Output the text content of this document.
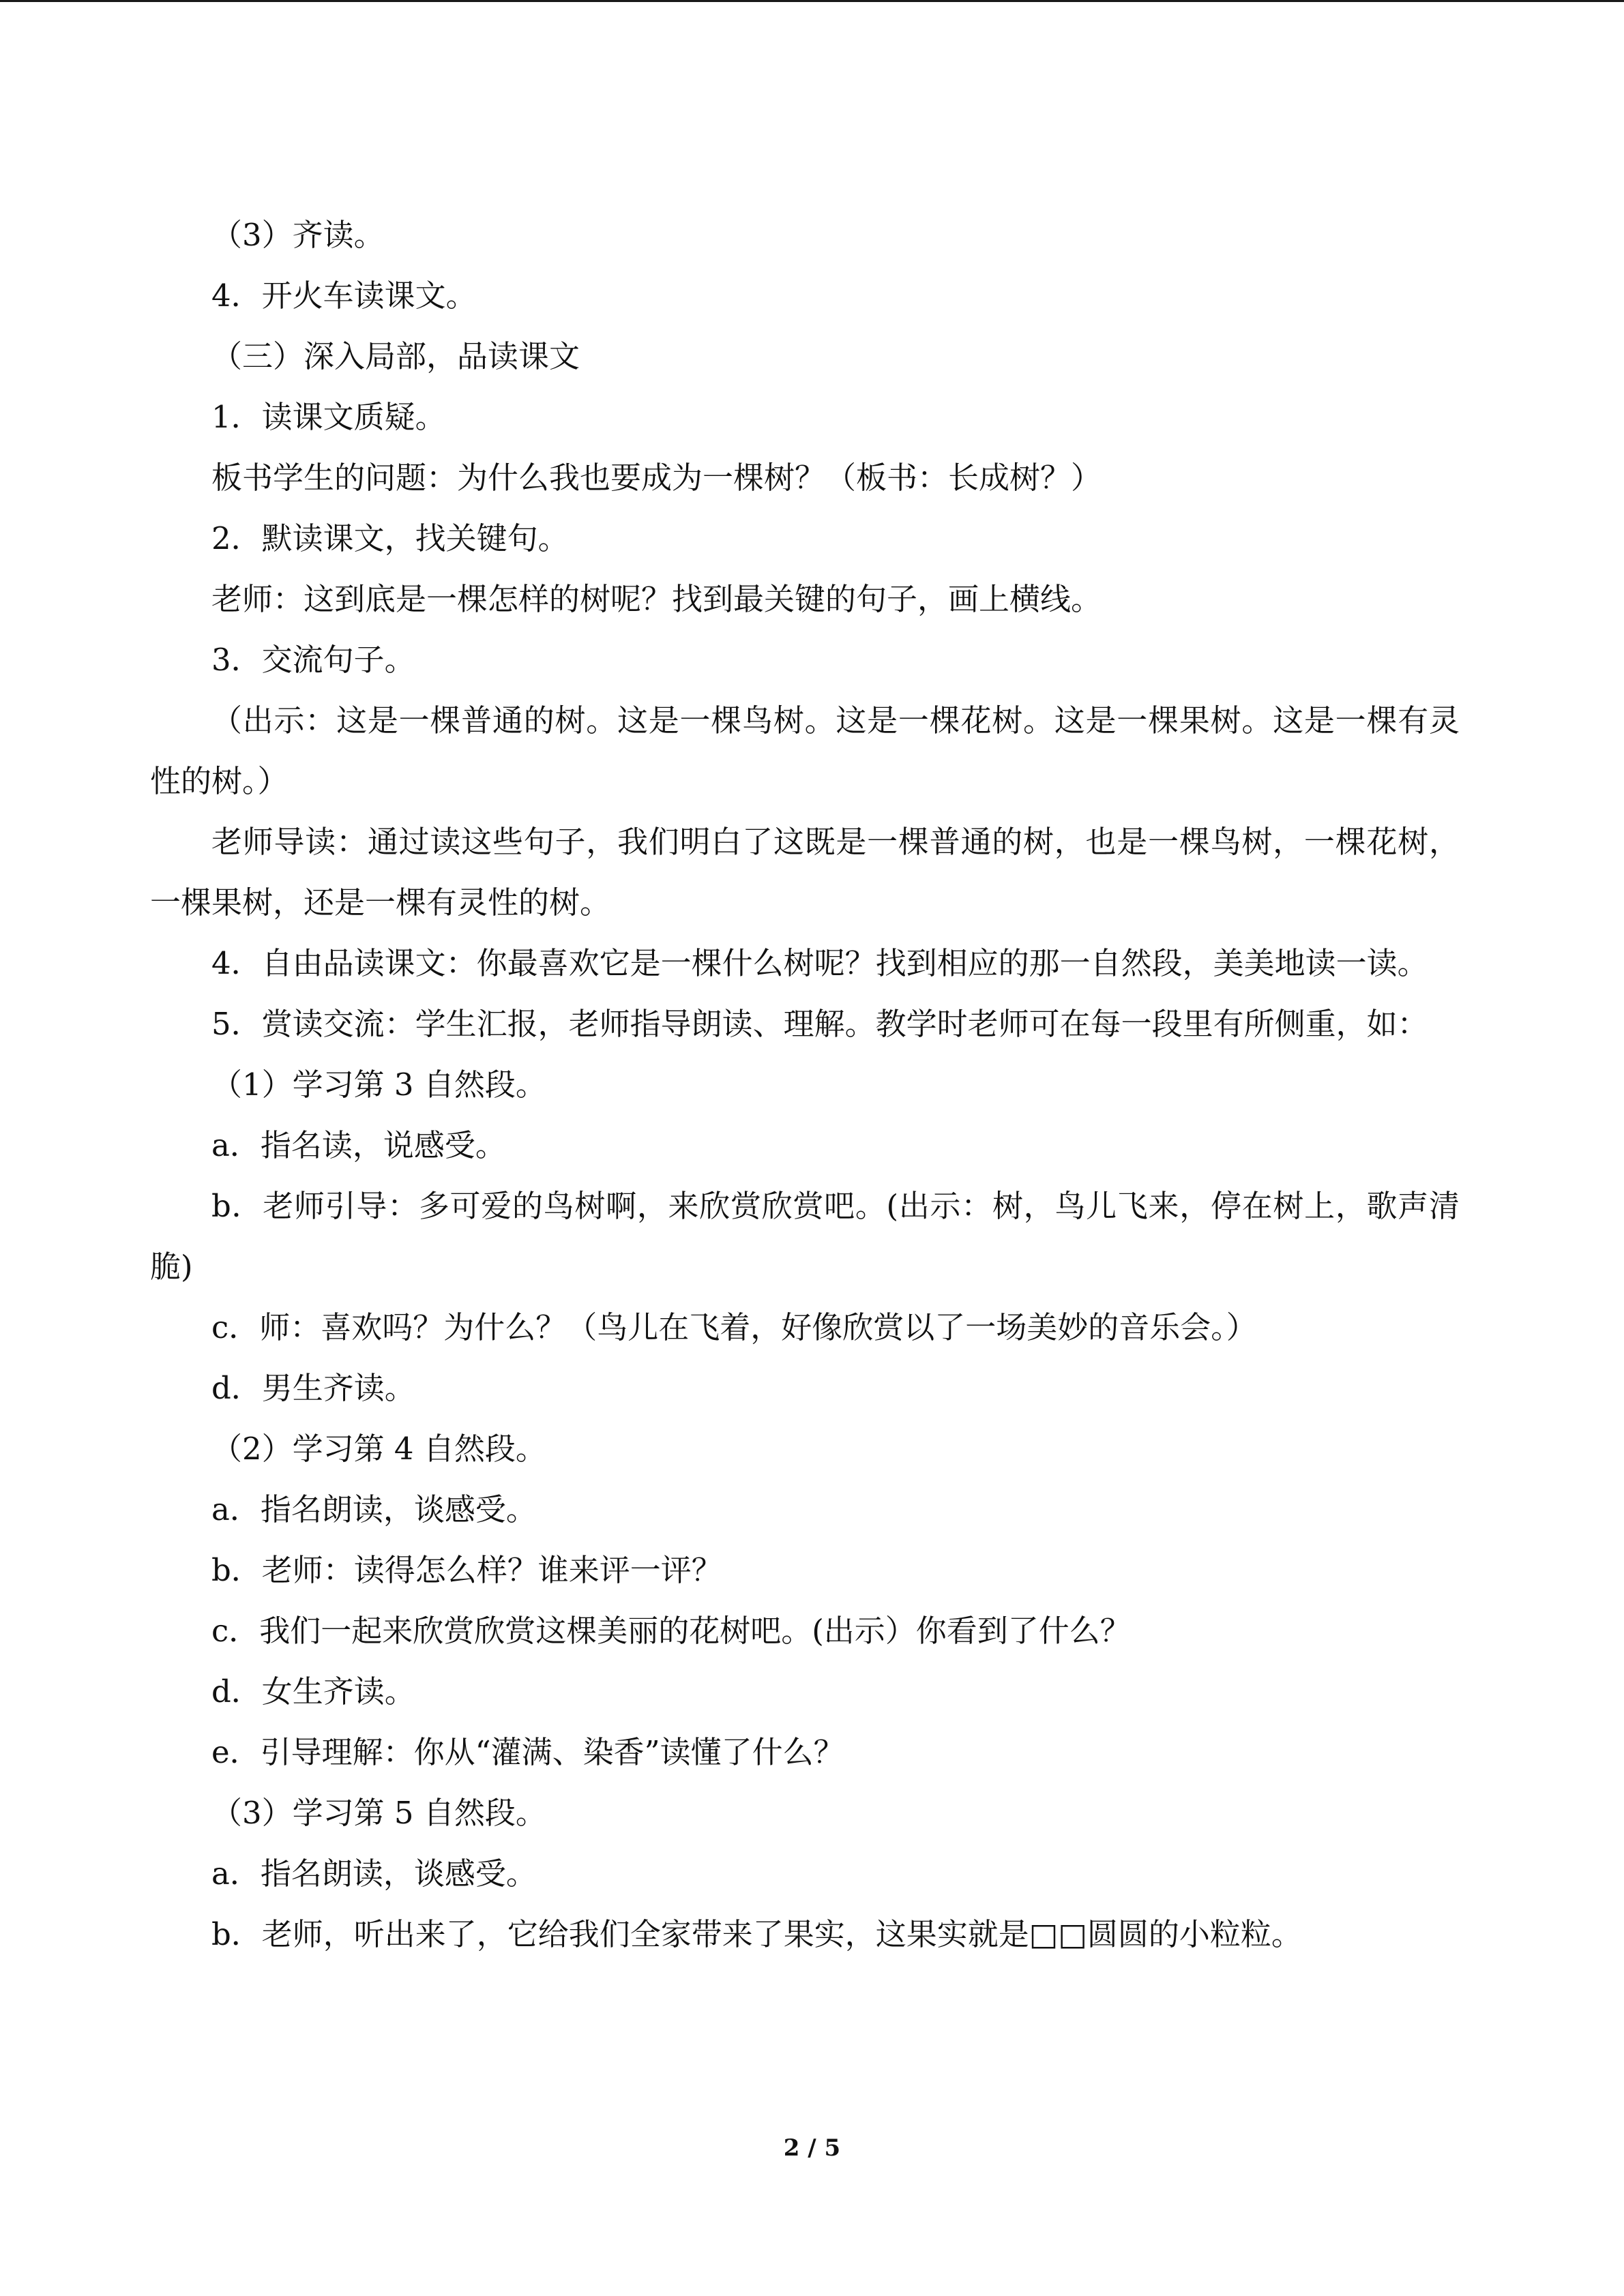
（3）齐读。

4．开火车读课文。

（三）深入局部，品读课文

1．读课文质疑。

板书学生的问题：为什么我也要成为一棵树？（板书：长成树？）

2．默读课文，找关键句。

老师：这到底是一棵怎样的树呢？找到最关键的句子，画上横线。

3．交流句子。

（出示：这是一棵普通的树。这是一棵鸟树。这是一棵花树。这是一棵果树。这是一棵有灵性的树。）

老师导读：通过读这些句子，我们明白了这既是一棵普通的树，也是一棵鸟树，一棵花树，一棵果树，还是一棵有灵性的树。

4．自由品读课文：你最喜欢它是一棵什么树呢？找到相应的那一自然段，美美地读一读。

5．赏读交流：学生汇报，老师指导朗读、理解。教学时老师可在每一段里有所侧重，如：

（1）学习第 3 自然段。

a．指名读，说感受。

b．老师引导：多可爱的鸟树啊，来欣赏欣赏吧。(出示：树，鸟儿飞来，停在树上，歌声清脆)

c．师：喜欢吗？为什么？（鸟儿在飞着，好像欣赏以了一场美妙的音乐会。）

d．男生齐读。

（2）学习第 4 自然段。

a．指名朗读，谈感受。

b．老师：读得怎么样？谁来评一评？

c．我们一起来欣赏欣赏这棵美丽的花树吧。(出示）你看到了什么？

d．女生齐读。

e．引导理解：你从“灌满、染香”读懂了什么？

（3）学习第 5 自然段。

a．指名朗读，谈感受。

b．老师，听出来了，它给我们全家带来了果实，这果实就是□□圆圆的小粒粒。

2 / 5
